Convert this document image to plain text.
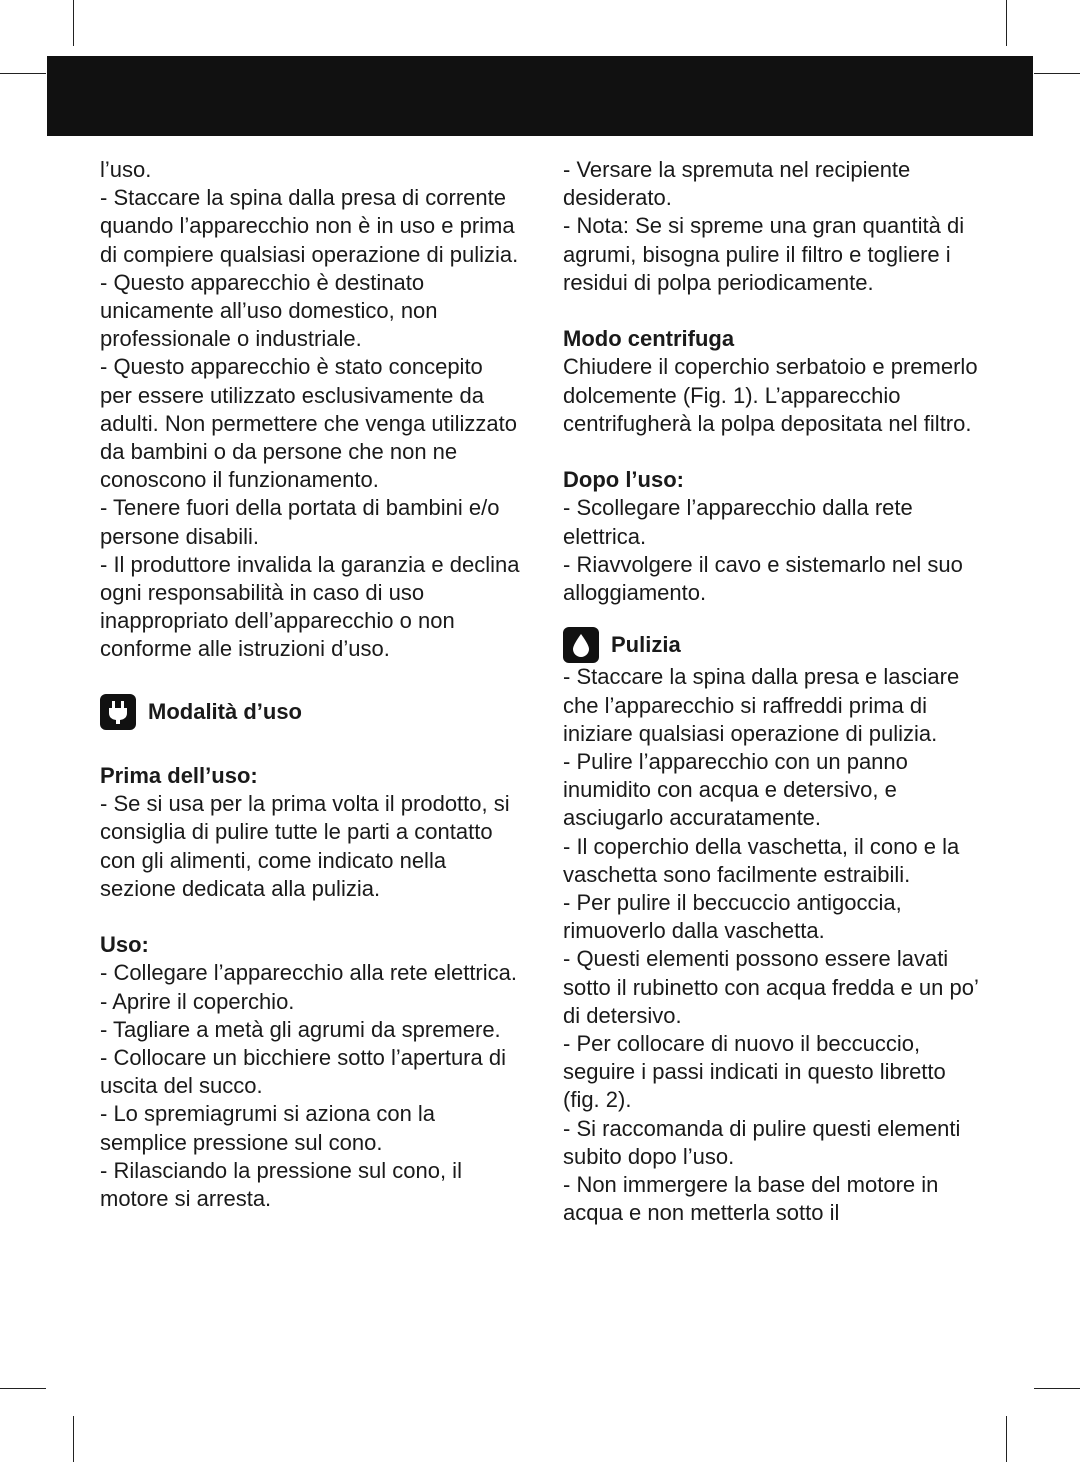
l’uso.

- Staccare la spina dalla presa di corrente quando l’apparecchio non è in uso e prima di compiere qualsiasi operazione di pulizia.

- Questo apparecchio è destinato unicamente all’uso domestico, non professionale o industriale.

- Questo apparecchio è stato concepito per essere utilizzato esclusivamente da adulti. Non permettere che venga utilizzato da bambini o da persone che non ne conoscono il funzionamento.

- Tenere fuori della portata di bambini e/o persone disabili.

- Il produttore invalida la garanzia e declina ogni responsabilità in caso di uso inappropriato dell’apparecchio o non conforme alle istruzioni d’uso.

Modalità d’uso

Prima dell’uso:

- Se si usa per la prima volta il prodotto, si consiglia di pulire tutte le parti a contatto con gli alimenti, come indicato nella sezione dedicata alla pulizia.

Uso:

- Collegare l’apparecchio alla rete elettrica.

- Aprire il coperchio.

- Tagliare a metà gli agrumi da spremere.

- Collocare un bicchiere sotto l’apertura di uscita del succo.

- Lo spremiagrumi si aziona con la semplice pressione sul cono.

- Rilasciando la pressione sul cono, il motore si arresta.

- Versare la spremuta nel recipiente desiderato.

- Nota: Se si spreme una gran quantità di agrumi, bisogna pulire il filtro e togliere i residui di polpa periodicamente.

Modo centrifuga

Chiudere il coperchio serbatoio e premerlo dolcemente (Fig. 1). L’apparecchio centrifugherà la polpa depositata nel filtro.

Dopo l’uso:

- Scollegare l’apparecchio dalla rete elettrica.

- Riavvolgere il cavo e sistemarlo nel suo alloggiamento.

Pulizia

- Staccare la spina dalla presa e lasciare che l’apparecchio si raffreddi prima di iniziare qualsiasi operazione di pulizia.

- Pulire l’apparecchio con un panno inumidito con acqua e detersivo, e asciugarlo accuratamente.

- Il coperchio della vaschetta, il cono e la vaschetta sono facilmente estraibili.

- Per pulire il beccuccio antigoccia, rimuoverlo dalla vaschetta.

- Questi elementi possono essere lavati sotto il rubinetto con acqua fredda e un po’ di detersivo.

- Per collocare di nuovo il beccuccio, seguire i passi indicati in questo libretto (fig. 2).

- Si raccomanda di pulire questi elementi subito dopo l’uso.

- Non immergere la base del motore in acqua e non metterla sotto il
